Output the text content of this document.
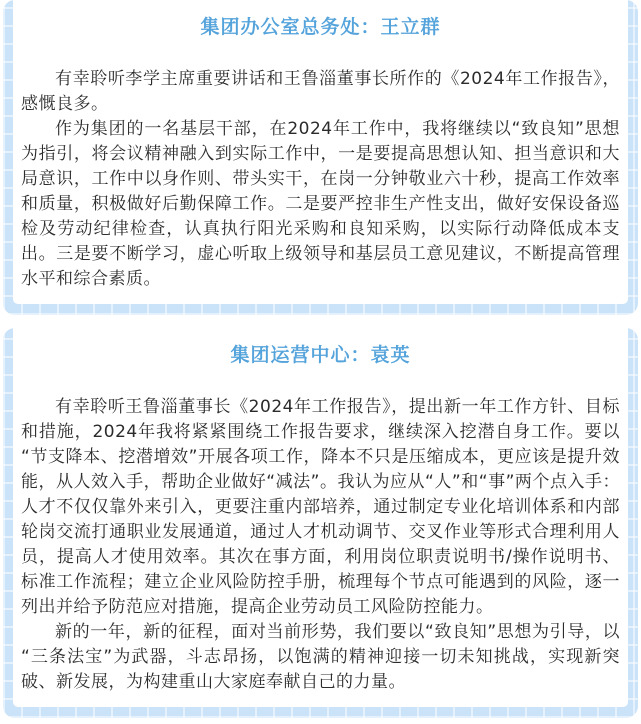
集团办公室总务处：王立群

有幸聆听李学主席重要讲话和王鲁淄董事长所作的《2024年工作报告》，感慨良多。

作为集团的一名基层干部，在2024年工作中，我将继续以“致良知”思想为指引，将会议精神融入到实际工作中，一是要提高思想认知、担当意识和大局意识，工作中以身作则、带头实干，在岗一分钟敬业六十秒，提高工作效率和质量，积极做好后勤保障工作。二是要严控非生产性支出，做好安保设备巡检及劳动纪律检查，认真执行阳光采购和良知采购，以实际行动降低成本支出。三是要不断学习，虚心听取上级领导和基层员工意见建议，不断提高管理水平和综合素质。

集团运营中心：袁英

有幸聆听王鲁淄董事长《2024年工作报告》，提出新一年工作方针、目标和措施，2024年我将紧紧围绕工作报告要求，继续深入挖潜自身工作。要以“节支降本、挖潜增效”开展各项工作，降本不只是压缩成本，更应该是提升效能，从人效入手，帮助企业做好“减法”。我认为应从“人”和“事”两个点入手：人才不仅仅靠外来引入，更要注重内部培养，通过制定专业化培训体系和内部轮岗交流打通职业发展通道，通过人才机动调节、交叉作业等形式合理利用人员，提高人才使用效率。其次在事方面，利用岗位职责说明书/操作说明书、标准工作流程；建立企业风险防控手册，梳理每个节点可能遇到的风险，逐一列出并给予防范应对措施，提高企业劳动员工风险防控能力。

新的一年，新的征程，面对当前形势，我们要以“致良知”思想为引导，以“三条法宝”为武器，斗志昂扬，以饱满的精神迎接一切未知挑战，实现新突破、新发展，为构建重山大家庭奉献自己的力量。
